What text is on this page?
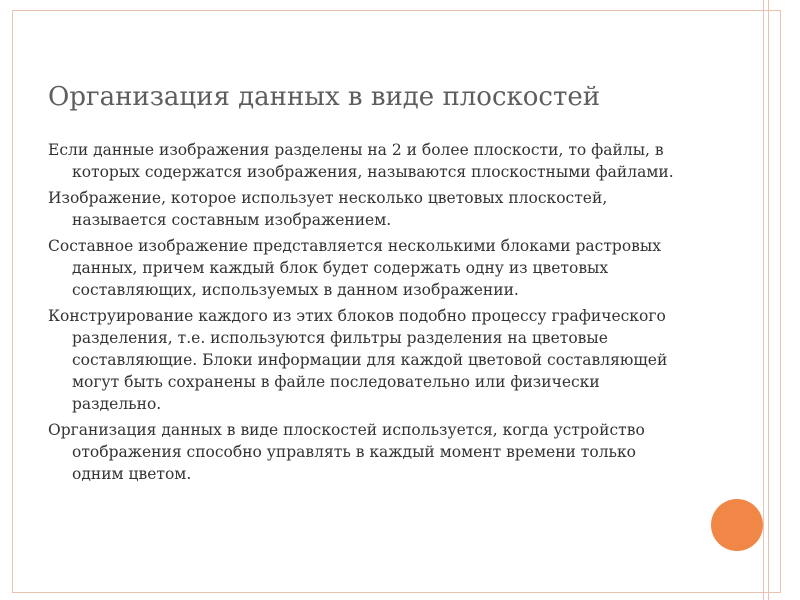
Организация данных в виде плоскостей
Если данные изображения разделены на 2 и более плоскости, то файлы, в которых содержатся изображения, называются плоскостными файлами.
Изображение, которое использует несколько цветовых плоскостей, называется составным изображением.
Составное изображение представляется несколькими блоками растровых данных, причем каждый блок будет содержать одну из цветовых составляющих, используемых в данном изображении.
Конструирование каждого из этих блоков подобно процессу графического разделения, т.е. используются фильтры разделения на цветовые составляющие. Блоки информации для каждой цветовой составляющей могут быть сохранены в файле последовательно или физически раздельно.
Организация данных в виде плоскостей используется, когда устройство отображения способно управлять в каждый момент времени только одним цветом.
